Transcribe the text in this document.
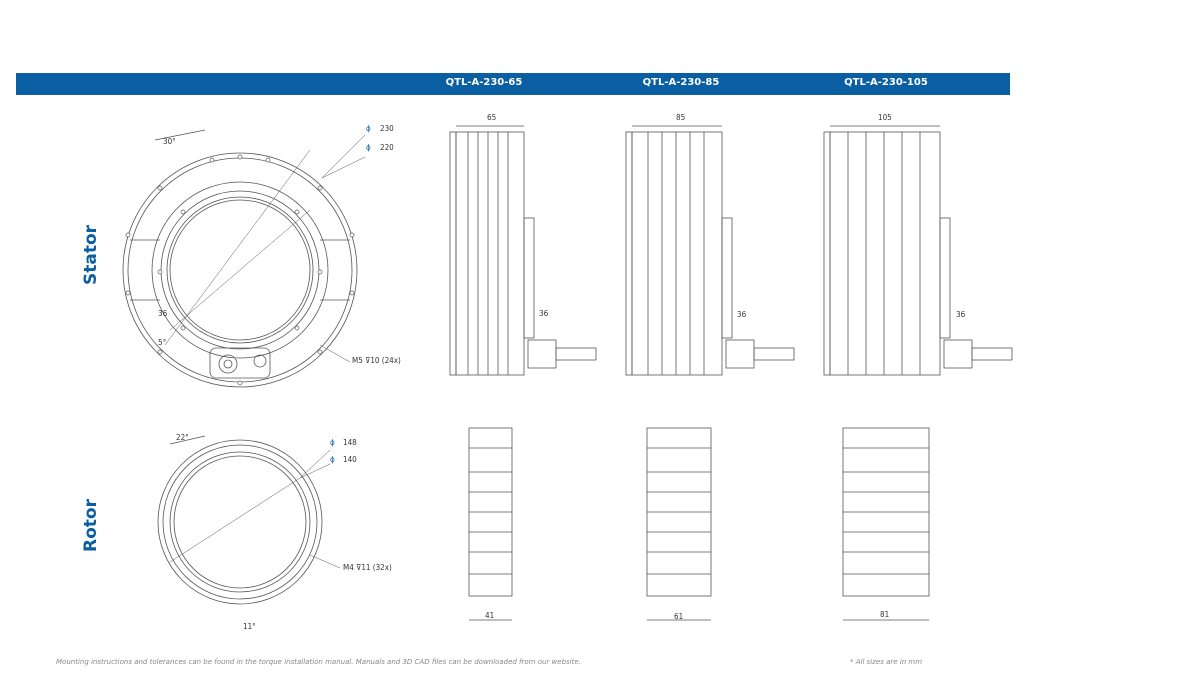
QTL-A-230-65	QTL-A-230-85	QTL-A-230-105
Stator
Rotor
30°
ϕ 230
ϕ 220
36
5°
M5 ⊽10 (24x)
65	85	105
36	36	36
22°
ϕ 148
ϕ 140
M4 ⊽11 (32x)
11°
41	61	81
Mounting instructions and tolerances can be found in the torque installation manual. Manuals and 3D CAD files can be downloaded from our website.	* All sizes are in mm
